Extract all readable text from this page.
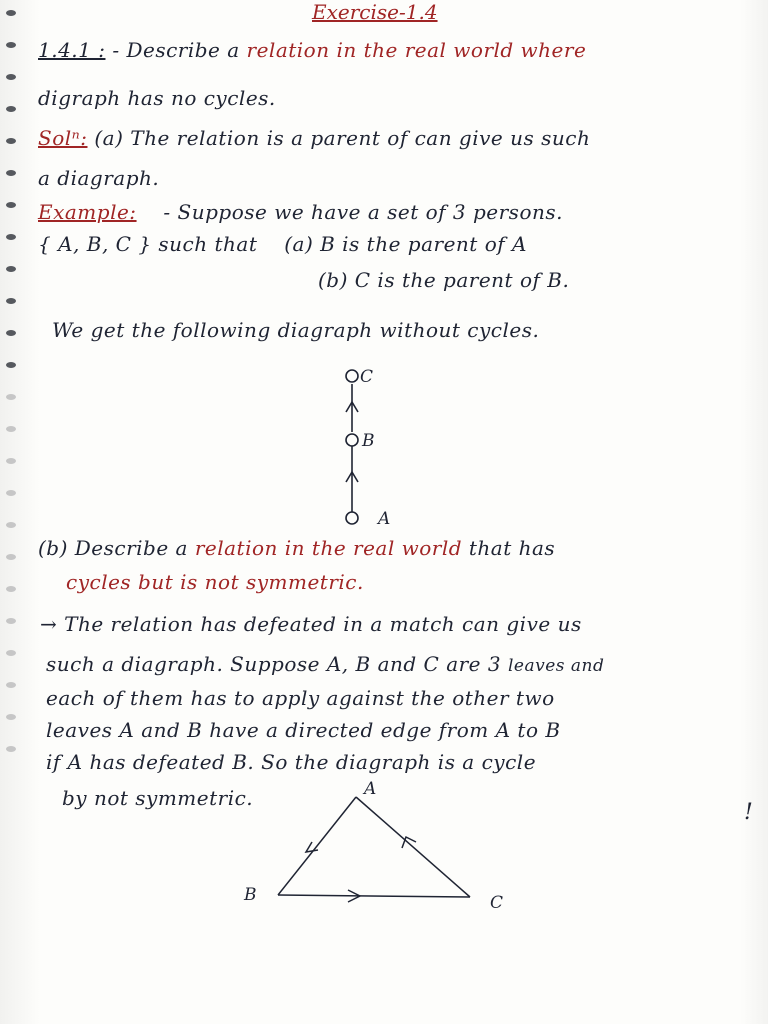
Exercise-1.4
1.4.1 : - Describe a relation in the real world where
digraph has no cycles.
Solⁿ: (a) The relation is a parent of can give us such
a diagraph.
Example: - Suppose we have a set of 3 persons.
{ A, B, C } such that (a) B is the parent of A
(b) C is the parent of B.
We get the following diagraph without cycles.
C
B
A
(b) Describe a relation in the real world that has
cycles but is not symmetric.
→ The relation has defeated in a match can give us
such a diagraph. Suppose A, B and C are 3 leaves and
each of them has to apply against the other two
leaves A and B have a directed edge from A to B
if A has defeated B. So the diagraph is a cycle
by not symmetric.	A
B	C
!
